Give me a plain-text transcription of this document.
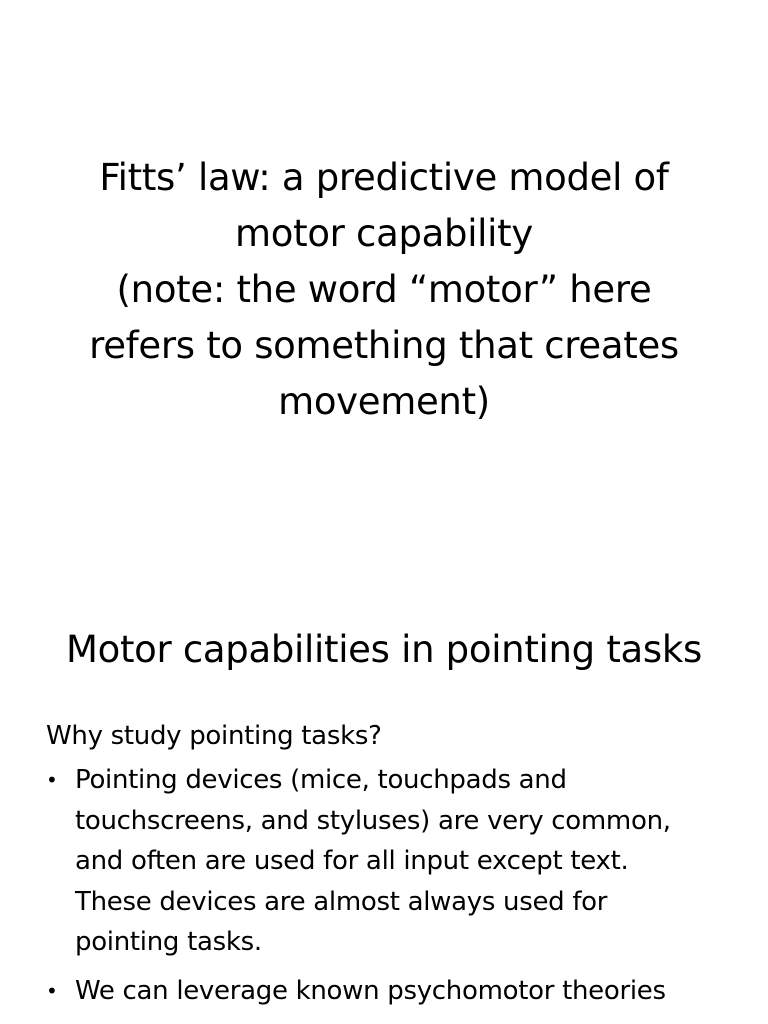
Fitts’ law: a predictive model of
motor capability
(note: the word “motor” here
refers to something that creates
movement)
Motor capabilities in pointing tasks
Why study pointing tasks?
• Pointing devices (mice, touchpads and
touchscreens, and styluses) are very common,
and often are used for all input except text.
These devices are almost always used for
pointing tasks.
• We can leverage known psychomotor theories
